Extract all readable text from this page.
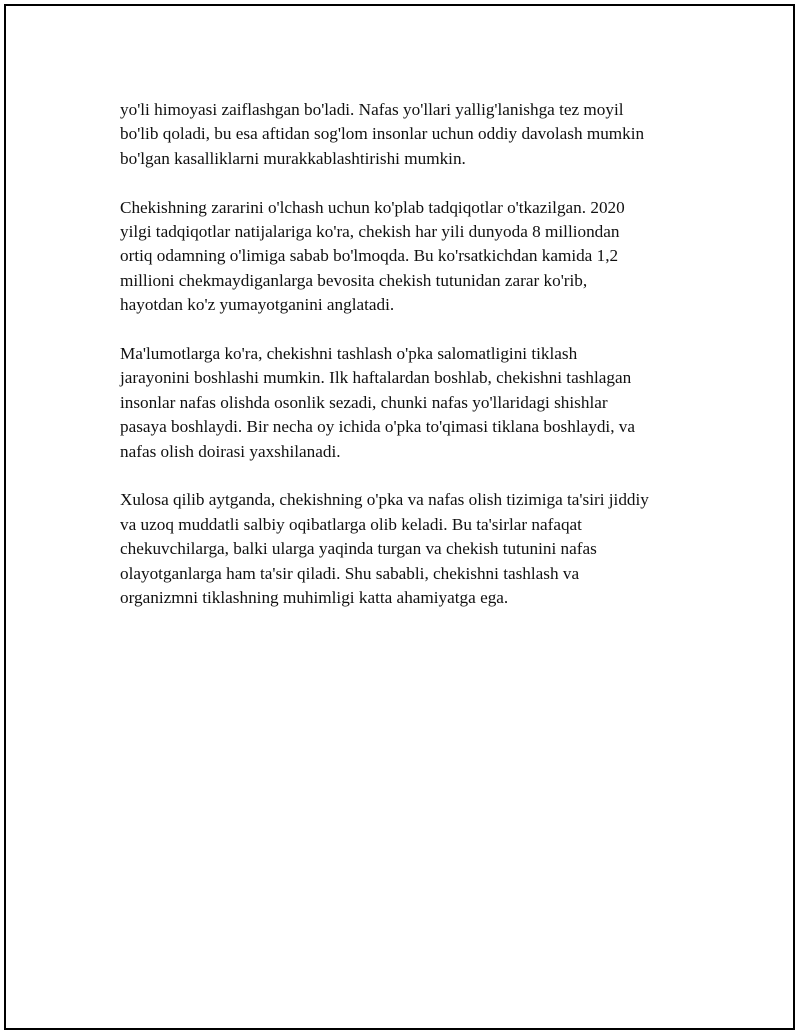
yo'li himoyasi zaiflashgan bo'ladi. Nafas yo'llari yallig'lanishga tez moyil
bo'lib qoladi, bu esa aftidan sog'lom insonlar uchun oddiy davolash mumkin
bo'lgan kasalliklarni murakkablashtirishi mumkin.

Chekishning zararini o'lchash uchun ko'plab tadqiqotlar o'tkazilgan. 2020
yilgi tadqiqotlar natijalariga ko'ra, chekish har yili dunyoda 8 milliondan
ortiq odamning o'limiga sabab bo'lmoqda. Bu ko'rsatkichdan kamida 1,2
millioni chekmaydiganlarga bevosita chekish tutunidan zarar ko'rib,
hayotdan ko'z yumayotganini anglatadi.

Ma'lumotlarga ko'ra, chekishni tashlash o'pka salomatligini tiklash
jarayonini boshlashi mumkin. Ilk haftalardan boshlab, chekishni tashlagan
insonlar nafas olishda osonlik sezadi, chunki nafas yo'llaridagi shishlar
pasaya boshlaydi. Bir necha oy ichida o'pka to'qimasi tiklana boshlaydi, va
nafas olish doirasi yaxshilanadi.

Xulosa qilib aytganda, chekishning o'pka va nafas olish tizimiga ta'siri jiddiy
va uzoq muddatli salbiy oqibatlarga olib keladi. Bu ta'sirlar nafaqat
chekuvchilarga, balki ularga yaqinda turgan va chekish tutunini nafas
olayotganlarga ham ta'sir qiladi. Shu sababli, chekishni tashlash va
organizmni tiklashning muhimligi katta ahamiyatga ega.
